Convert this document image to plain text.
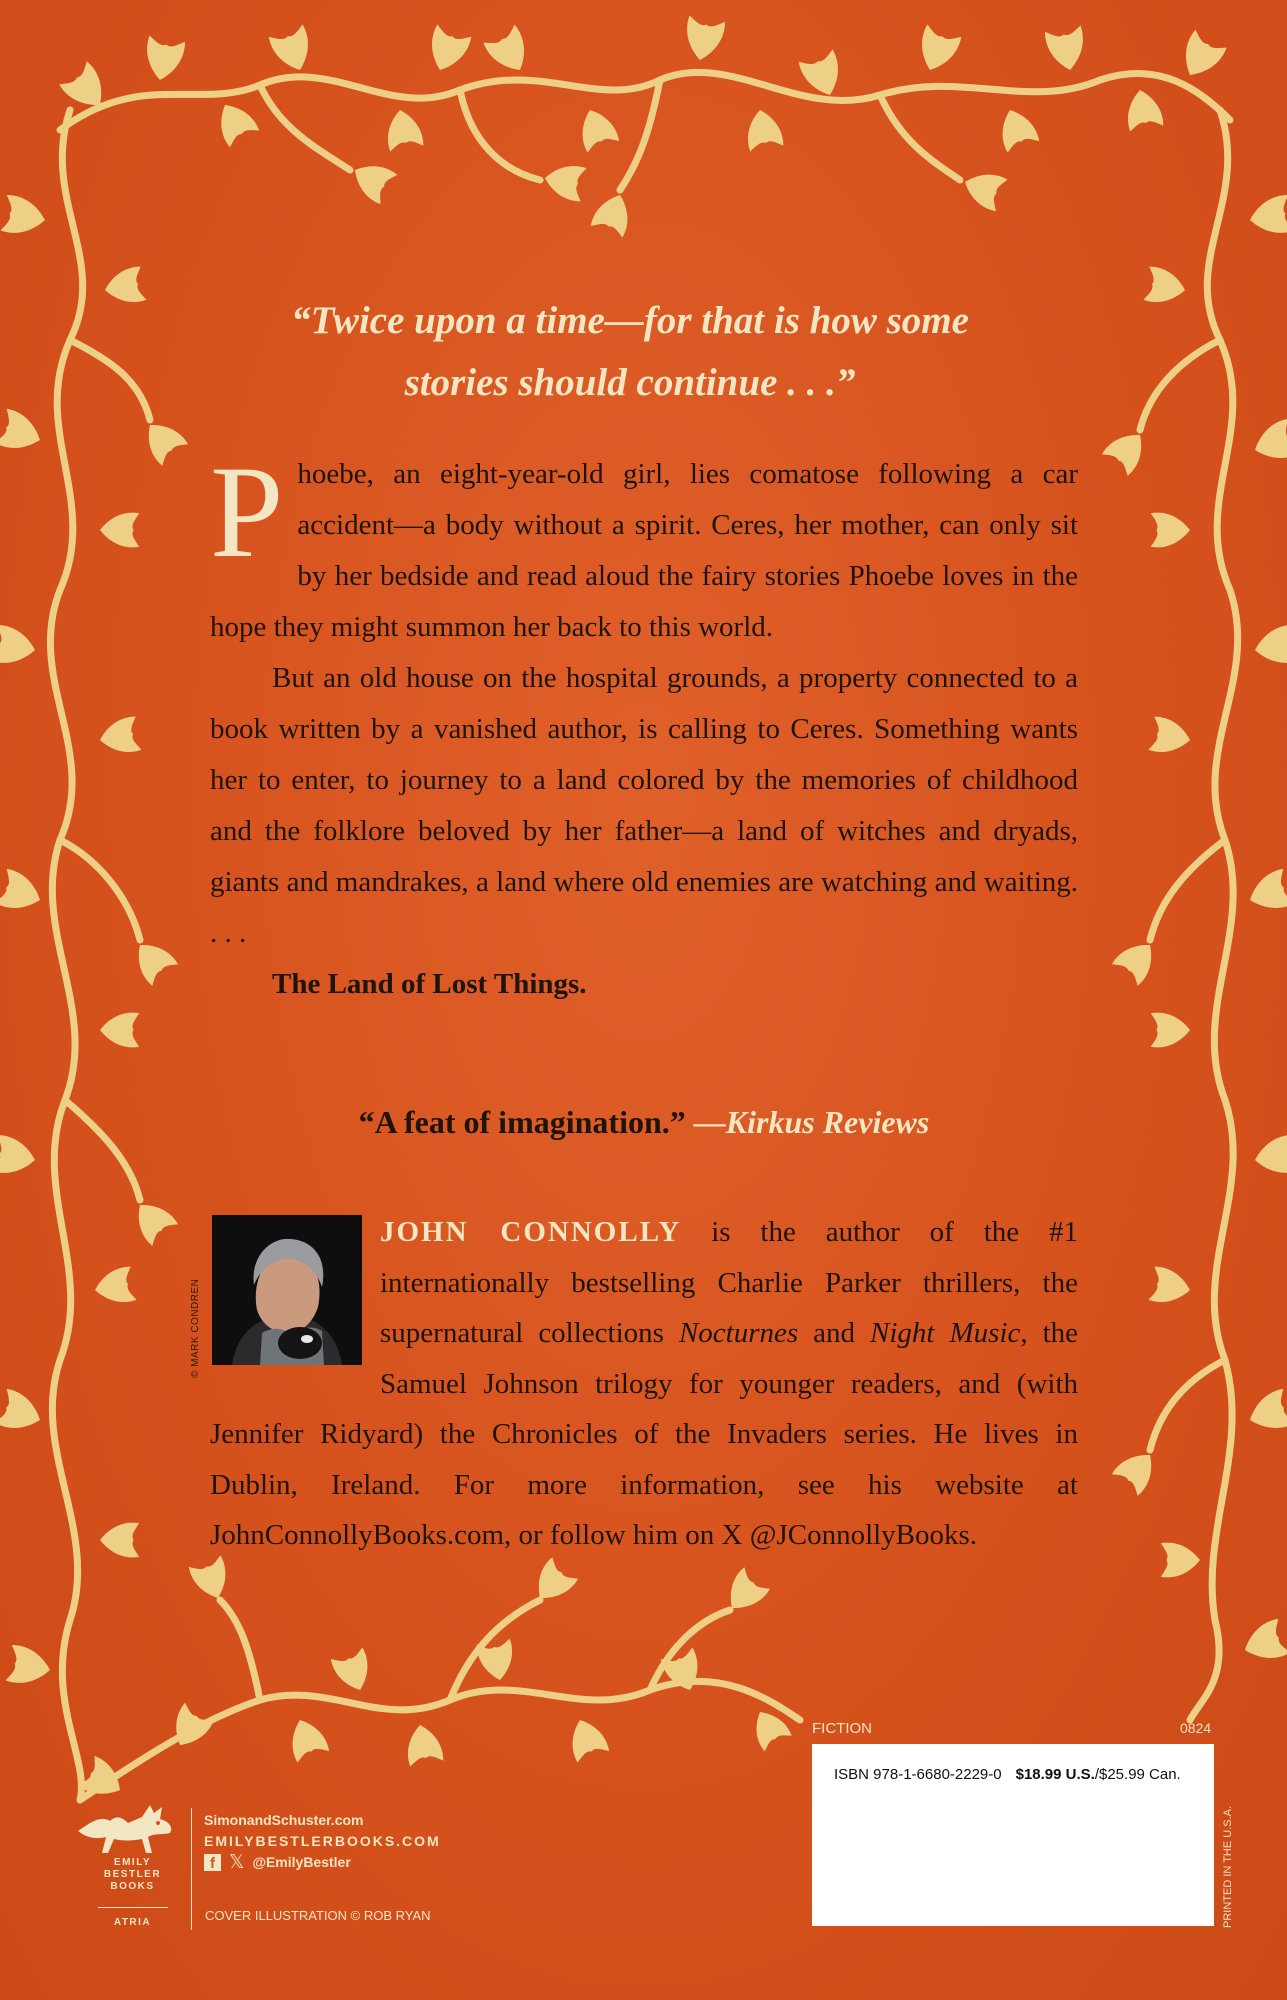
“Twice upon a time—for that is how some
stories should continue . . .”

Phoebe, an eight-year-old girl, lies comatose following a car accident—a body without a spirit. Ceres, her mother, can only sit by her bedside and read aloud the fairy stories Phoebe loves in the hope they might summon her back to this world.

But an old house on the hospital grounds, a property connected to a book written by a vanished author, is calling to Ceres. Something wants her to enter, to journey to a land colored by the memories of childhood and the folklore beloved by her father—a land of witches and dryads, giants and mandrakes, a land where old enemies are watching and waiting. . . .

The Land of Lost Things.

“A feat of imagination.” —Kirkus Reviews
© MARK CONDREN
JOHN CONNOLLY is the author of the #1 internationally bestselling Charlie Parker thrillers, the supernatural collections Nocturnes and Night Music, the Samuel Johnson trilogy for younger readers, and (with Jennifer Ridyard) the Chronicles of the Invaders series. He lives in Dublin, Ireland. For more information, see his website at JohnConnollyBooks.com, or follow him on X @JConnollyBooks.
EMILY
BESTLER
BOOKS
ATRIA
SimonandSchuster.com
EMILYBESTLERBOOKS.COM
f 𝕏 @EmilyBestler
COVER ILLUSTRATION © ROB RYAN
FICTION	0824
ISBN 978-1-6680-2229-0 $18.99 U.S./$25.99 Can.
PRINTED IN THE U.S.A.
